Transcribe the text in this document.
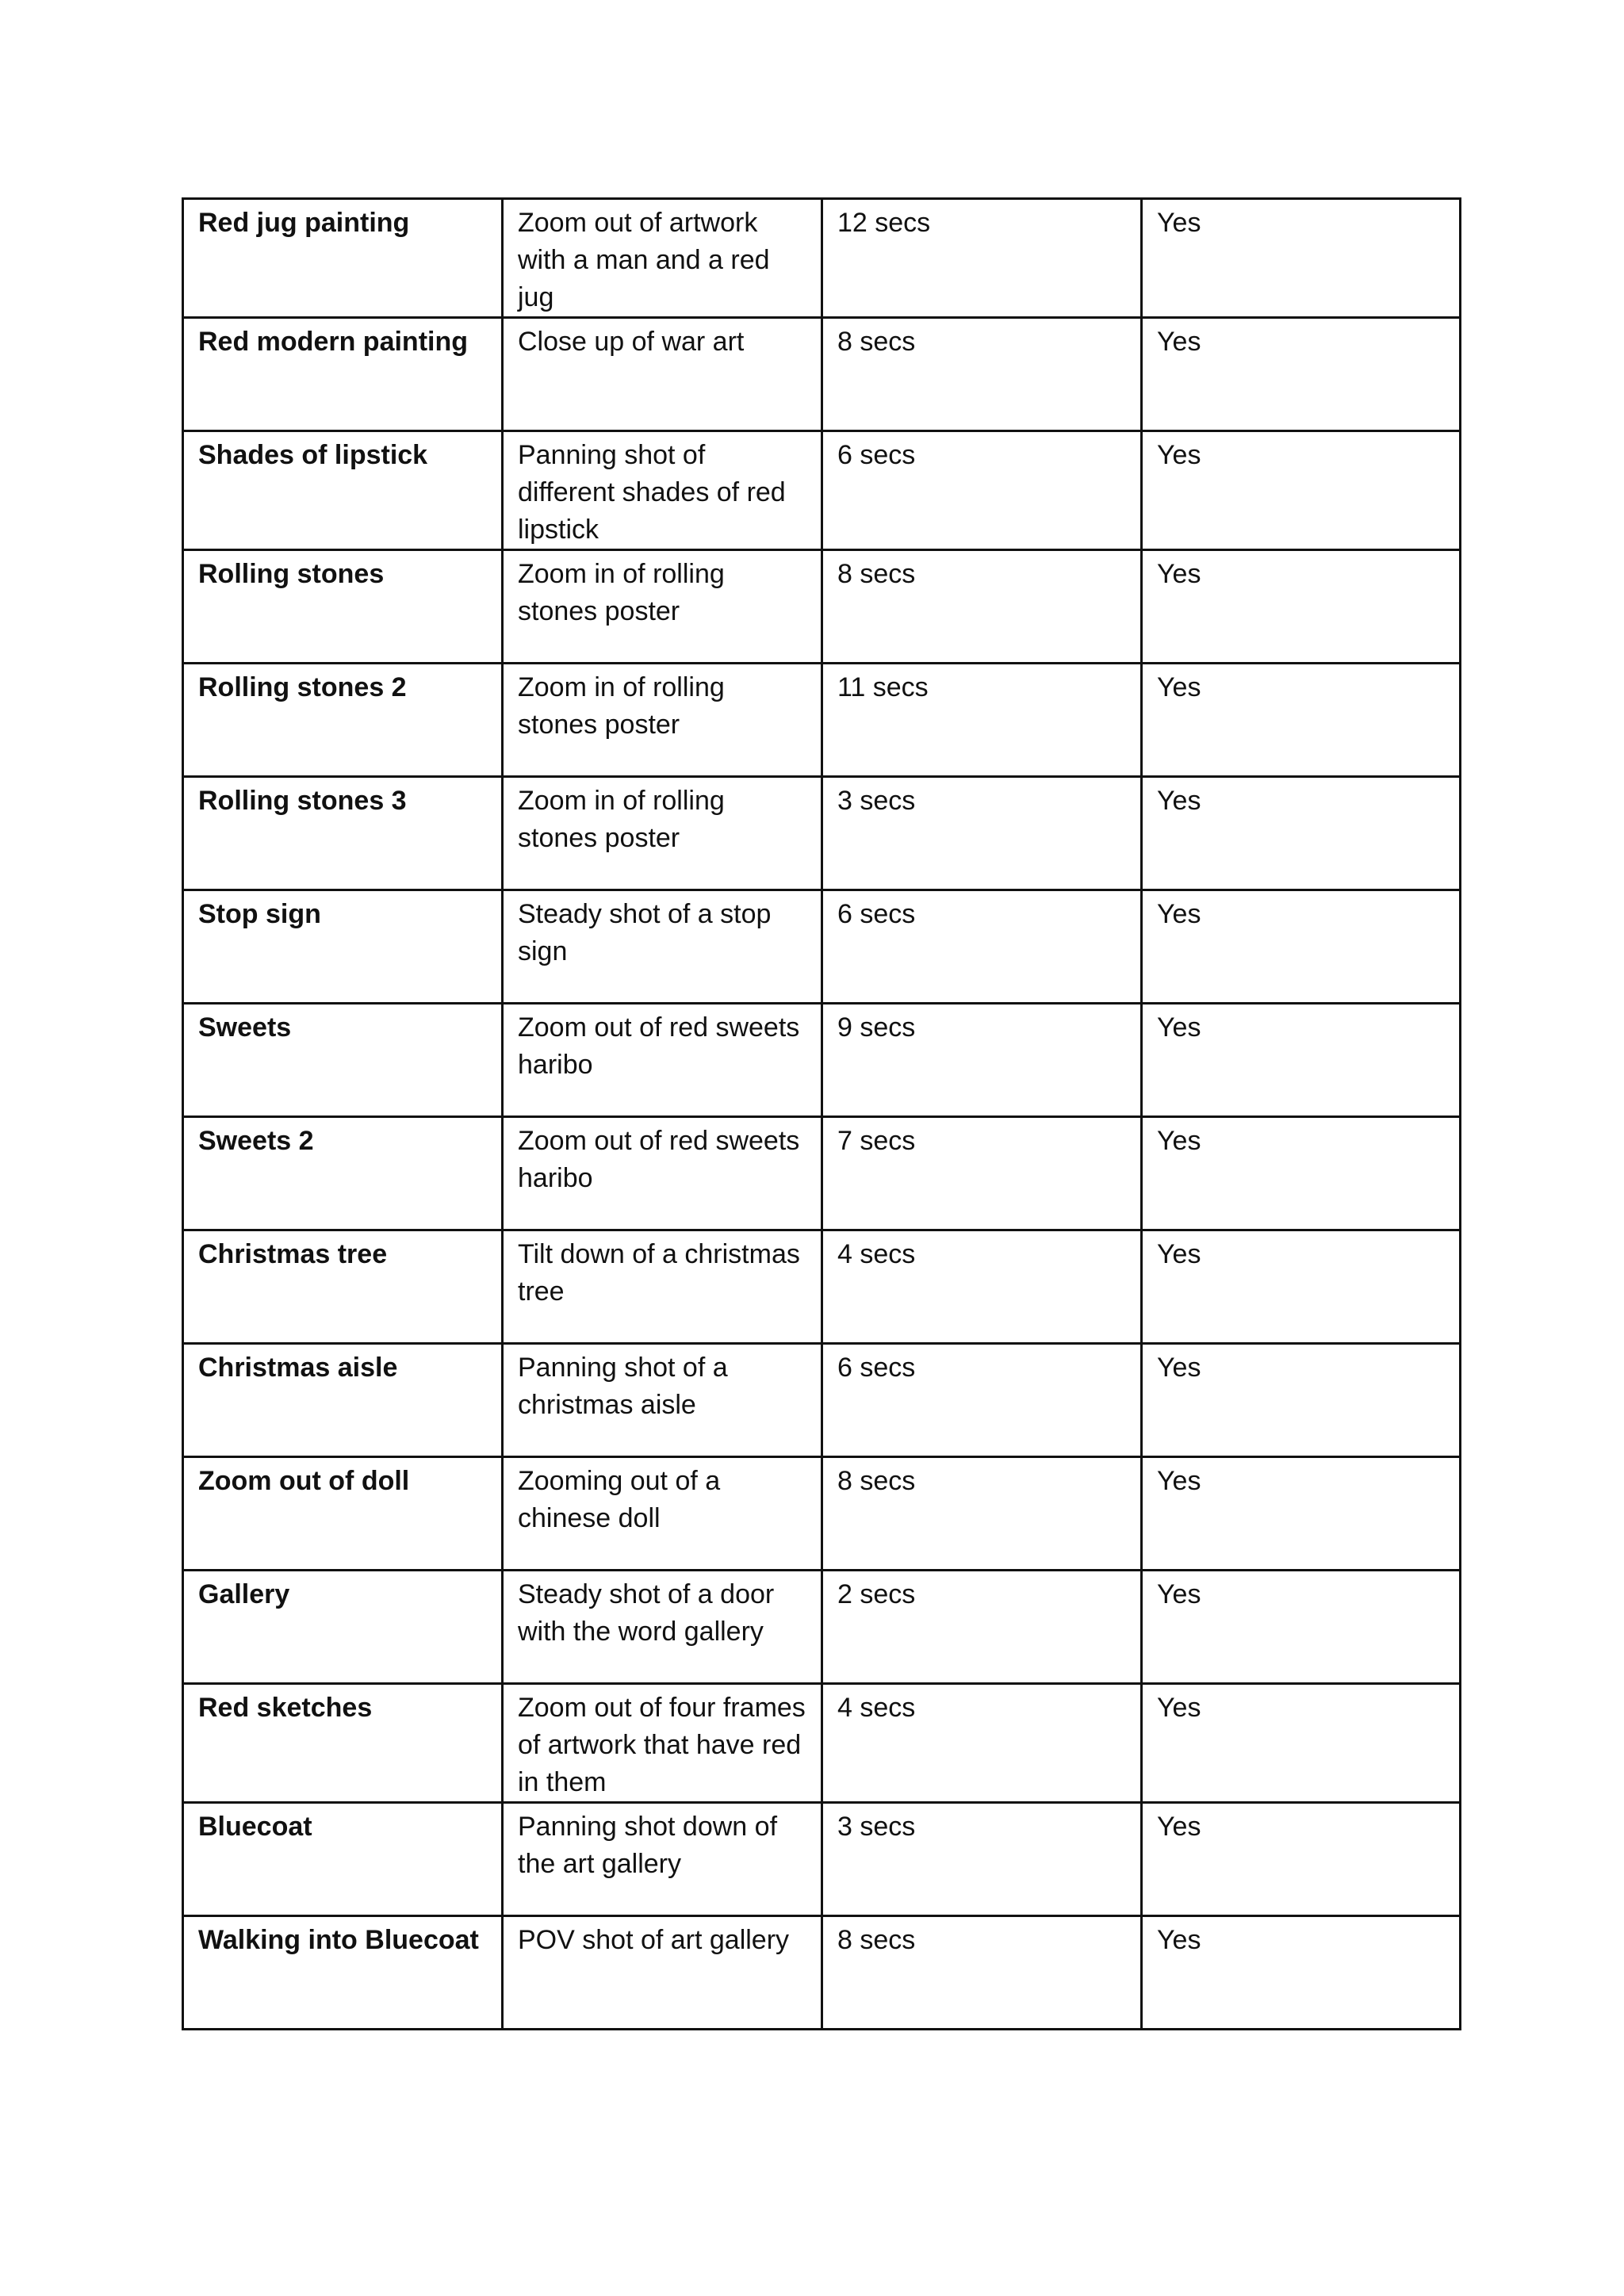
Red jug painting	Zoom out of artwork with a man and a red jug	12 secs	Yes
Red modern painting	Close up of war art	8 secs	Yes
Shades of lipstick	Panning shot of different shades of red lipstick	6 secs	Yes
Rolling stones	Zoom in of rolling stones poster	8 secs	Yes
Rolling stones 2	Zoom in of rolling stones poster	11 secs	Yes
Rolling stones 3	Zoom in of rolling stones poster	3 secs	Yes
Stop sign	Steady shot of a stop sign	6 secs	Yes
Sweets	Zoom out of red sweets haribo	9 secs	Yes
Sweets 2	Zoom out of red sweets haribo	7 secs	Yes
Christmas tree	Tilt down of a christmas tree	4 secs	Yes
Christmas aisle	Panning shot of a christmas aisle	6 secs	Yes
Zoom out of doll	Zooming out of a chinese doll	8 secs	Yes
Gallery	Steady shot of a door with the word gallery	2 secs	Yes
Red sketches	Zoom out of four frames of artwork that have red in them	4 secs	Yes
Bluecoat	Panning shot down of the art gallery	3 secs	Yes
Walking into Bluecoat	POV shot of art gallery	8 secs	Yes
